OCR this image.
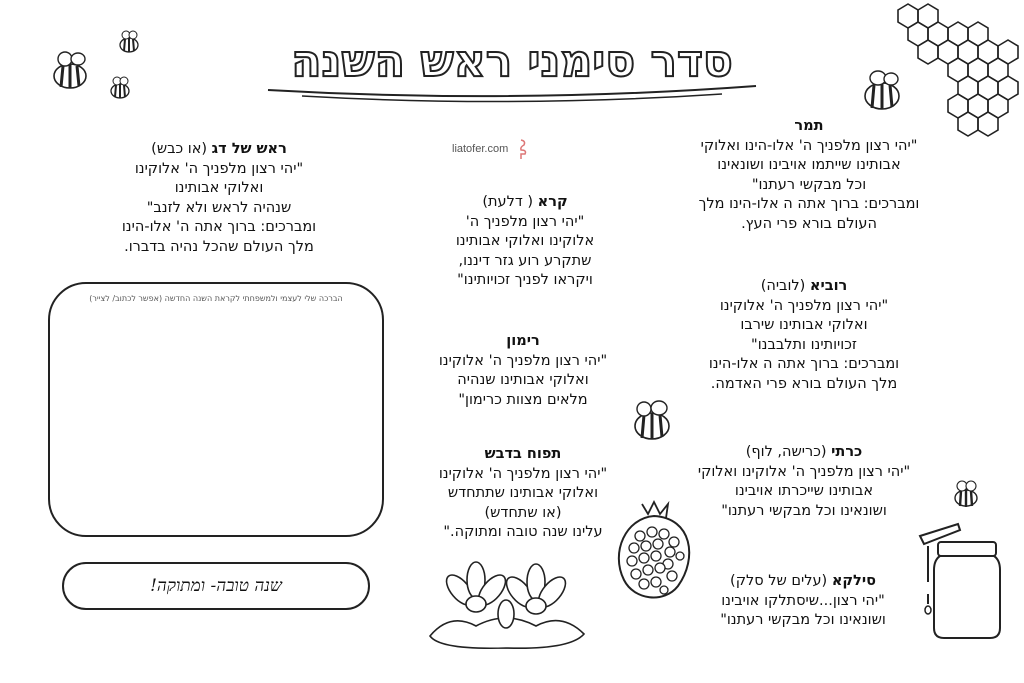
סדר סימני ראש השנה
liatofer.com
תמר
"יהי רצון מלפניך ה' אלו-הינו ואלוקי
אבותינו שייתמו אויבינו ושונאינו
וכל מבקשי רעתנו"
ומברכים: ברוך אתה ה אלו-הינו מלך
העולם בורא פרי העץ.
רוביא (לוביה)
"יהי רצון מלפניך ה' אלוקינו
ואלוקי אבותינו שירבו
זכויותינו ותלבבנו"
ומברכים: ברוך אתה ה אלו-הינו
מלך העולם בורא פרי האדמה.
כרתי (כרישה, לוף)
"יהי רצון מלפניך ה' אלוקינו ואלוקי
אבותינו שייכרתו אויבינו
ושונאינו וכל מבקשי רעתנו"
סילקא (עלים של סלק)
"יהי רצון...שיסתלקו אויבינו
ושונאינו וכל מבקשי רעתנו"
קרא ( דלעת)
"יהי רצון מלפניך ה'
אלוקינו ואלוקי אבותינו
שתקרע רוע גזר דיננו,
ויקראו לפניך זכויותינו"
רימון
"יהי רצון מלפניך ה' אלוקינו
ואלוקי אבותינו שנהיה
מלאים מצוות כרימון"
תפוח בדבש
"יהי רצון מלפניך ה' אלוקינו
ואלוקי אבותינו שתתחדש
(או שתחדש)
עלינו שנה טובה ומתוקה."
ראש של דג (או כבש)
"יהי רצון מלפניך ה' אלוקינו
ואלוקי אבותינו
שנהיה לראש ולא לזנב"
ומברכים: ברוך אתה ה' אלו-הינו
מלך העולם שהכל נהיה בדברו.
הברכה שלי לעצמי ולמשפחתי לקראת השנה החדשה (אפשר לכתוב/ לצייר)
שנה טובה- ומתוקה!
